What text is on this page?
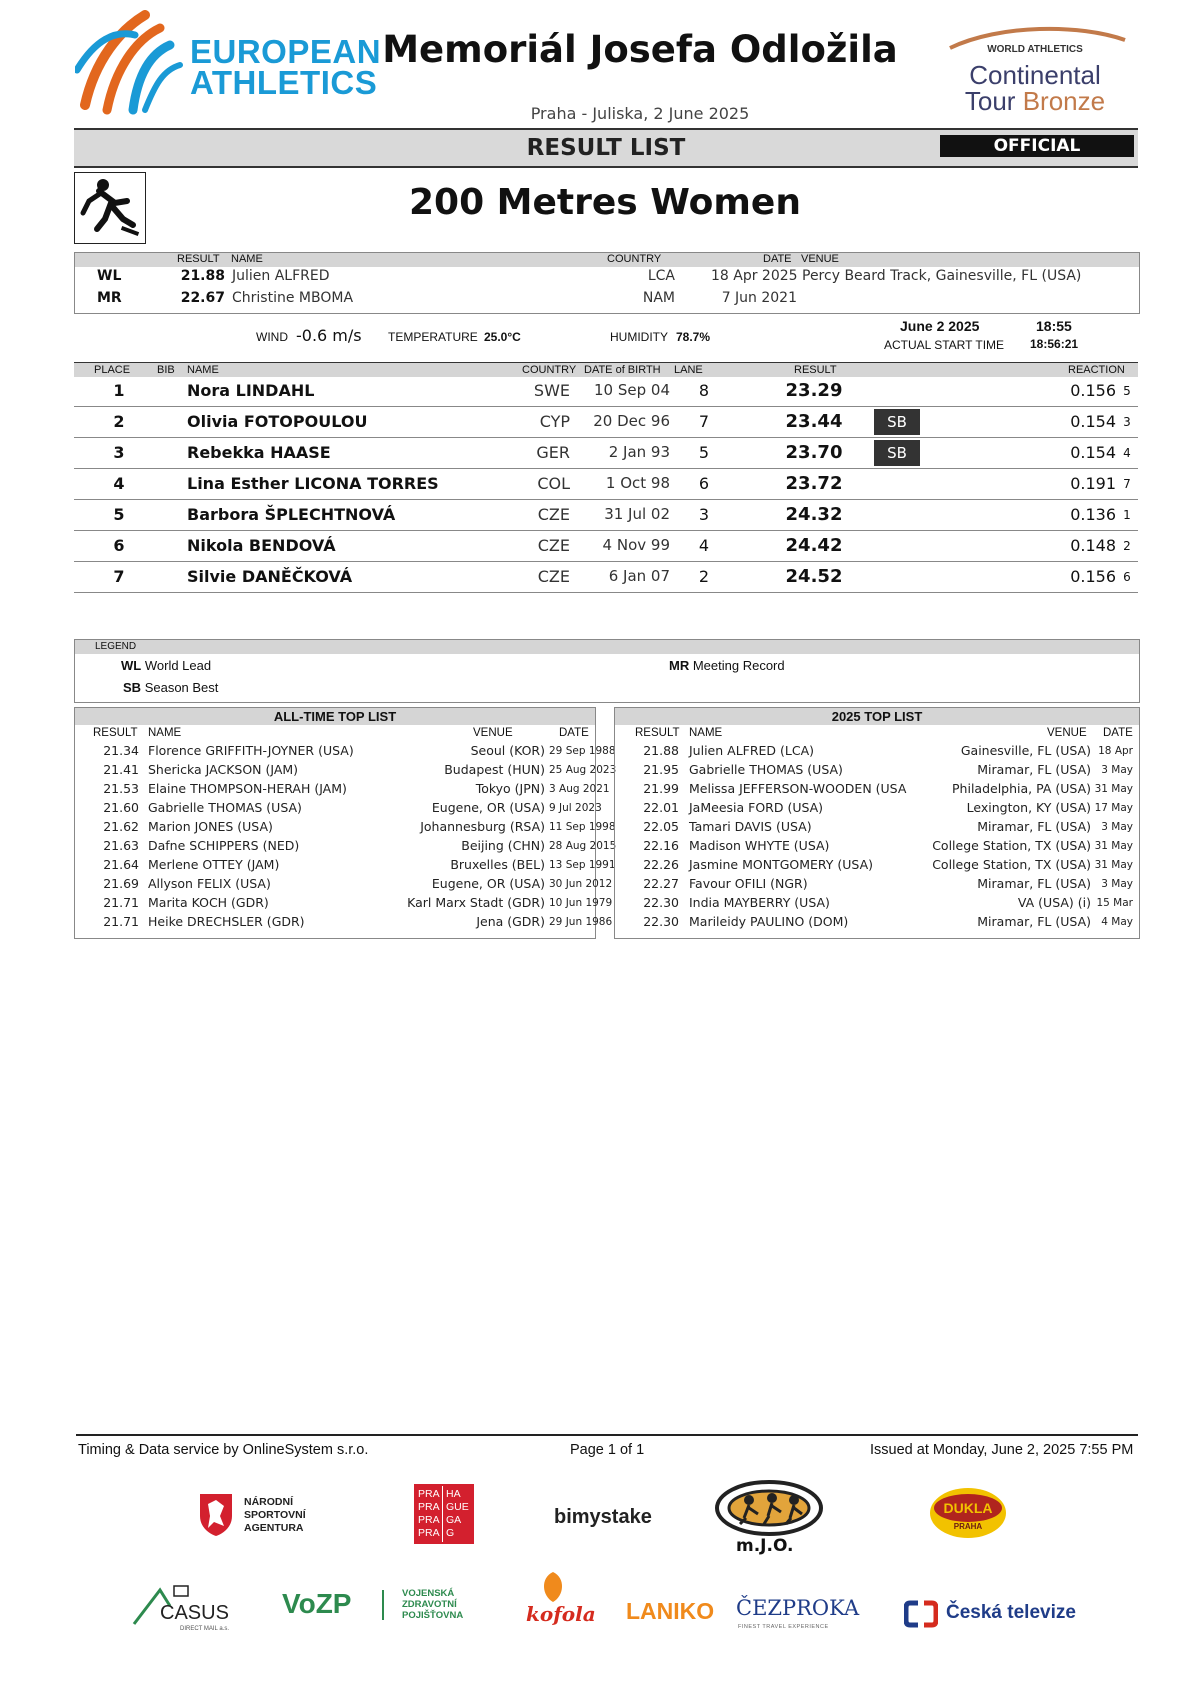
EUROPEAN
ATHLETICS
Memoriál Josefa Odložila
Praha - Juliska, 2 June 2025
WORLD ATHLETICS
Continental
Tour Bronze
RESULT LIST	OFFICIAL
200 Metres Women
RESULT NAME	COUNTRY	DATE VENUE
WL	21.88 Julien ALFRED	LCA	18 Apr 2025 Percy Beard Track, Gainesville, FL (USA)
MR	22.67 Christine MBOMA	NAM	7 Jun 2021
WIND -0.6 m/s TEMPERATURE 25.0°C	HUMIDITY 78.7%
June 2 2025	18:55
ACTUAL START TIME 18:56:21
PLACE BIB NAME	COUNTRY DATE of BIRTH LANE	RESULT	REACTION
1	Nora LINDAHL	SWE	10 Sep 04	8	23.29	0.156 5
2	Olivia FOTOPOULOU	CYP	20 Dec 96	7	23.44	SB	0.154 3
3	Rebekka HAASE	GER	2 Jan 93	5	23.70	SB	0.154 4
4	Lina Esther LICONA TORRES	COL	1 Oct 98	6	23.72	0.191 7
5	Barbora ŠPLECHTNOVÁ	CZE	31 Jul 02	3	24.32	0.136 1
6	Nikola BENDOVÁ	CZE	4 Nov 99	4	24.42	0.148 2
7	Silvie DANĚČKOVÁ	CZE	6 Jan 07	2	24.52	0.156 6
LEGEND
WL World Lead
SB Season Best
MR Meeting Record
ALL-TIME TOP LIST
RESULT NAME	VENUE	DATE
21.34 Florence GRIFFITH-JOYNER (USA)	Seoul (KOR) 29 Sep 1988
21.41 Shericka JACKSON (JAM)	Budapest (HUN) 25 Aug 2023
21.53 Elaine THOMPSON-HERAH (JAM)	Tokyo (JPN) 3 Aug 2021
21.60 Gabrielle THOMAS (USA)	Eugene, OR (USA) 9 Jul 2023
21.62 Marion JONES (USA)	Johannesburg (RSA) 11 Sep 1998
21.63 Dafne SCHIPPERS (NED)	Beijing (CHN) 28 Aug 2015
21.64 Merlene OTTEY (JAM)	Bruxelles (BEL) 13 Sep 1991
21.69 Allyson FELIX (USA)	Eugene, OR (USA) 30 Jun 2012
21.71 Marita KOCH (GDR)	Karl Marx Stadt (GDR) 10 Jun 1979
21.71 Heike DRECHSLER (GDR)	Jena (GDR) 29 Jun 1986
2025 TOP LIST
RESULT NAME	VENUE DATE
21.88 Julien ALFRED (LCA)	Gainesville, FL (USA) 18 Apr
21.95 Gabrielle THOMAS (USA)	Miramar, FL (USA) 3 May
21.99 Melissa JEFFERSON-WOODEN (USA	Philadelphia, PA (USA) 31 May
22.01 JaMeesia FORD (USA)	Lexington, KY (USA) 17 May
22.05 Tamari DAVIS (USA)	Miramar, FL (USA) 3 May
22.16 Madison WHYTE (USA)	College Station, TX (USA) 31 May
22.26 Jasmine MONTGOMERY (USA)	College Station, TX (USA) 31 May
22.27 Favour OFILI (NGR)	Miramar, FL (USA) 3 May
22.30 India MAYBERRY (USA)	VA (USA) (i) 15 Mar
22.30 Marileidy PAULINO (DOM)	Miramar, FL (USA) 4 May
Timing & Data service by OnlineSystem s.r.o.	Page 1 of 1	Issued at Monday, June 2, 2025 7:55 PM
NÁRODNÍ
SPORTOVNÍ
AGENTURA
PRA HA
PRA GUE
PRA GA
PRA G
bimystake
m.J.O.
DUKLA
PRAHA
CASUS
DIRECT MAIL a.s.
VoZP	VOJENSKÁ
ZDRAVOTNÍ
POJIŠŤOVNA	kofola LANIKO ČEZPROKA
FINEST TRAVEL EXPERIENCE
Česká televize
